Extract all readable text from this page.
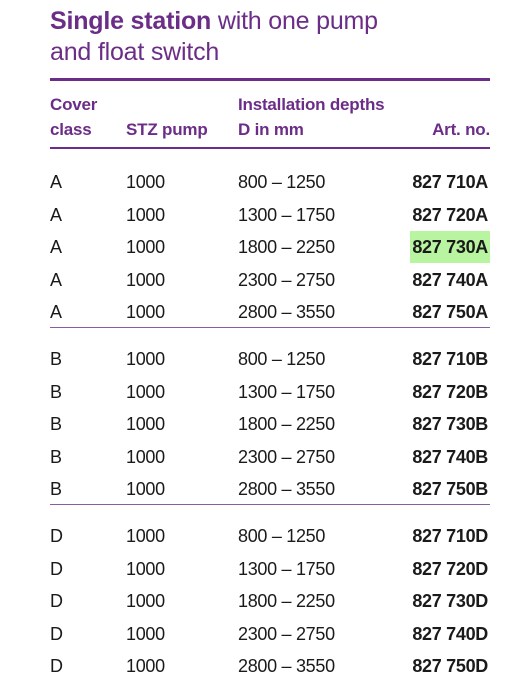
Single station with one pump
and float switch
Cover
class	STZ pump
Installation depths
D in mm	Art. no.
A	1000	800 – 1250	827 710A
A	1000	1300 – 1750	827 720A
A	1000	1800 – 2250	827 730A
A	1000	2300 – 2750	827 740A
A	1000	2800 – 3550	827 750A
B	1000	800 – 1250	827 710B
B	1000	1300 – 1750	827 720B
B	1000	1800 – 2250	827 730B
B	1000	2300 – 2750	827 740B
B	1000	2800 – 3550	827 750B
D	1000	800 – 1250	827 710D
D	1000	1300 – 1750	827 720D
D	1000	1800 – 2250	827 730D
D	1000	2300 – 2750	827 740D
D	1000	2800 – 3550	827 750D
